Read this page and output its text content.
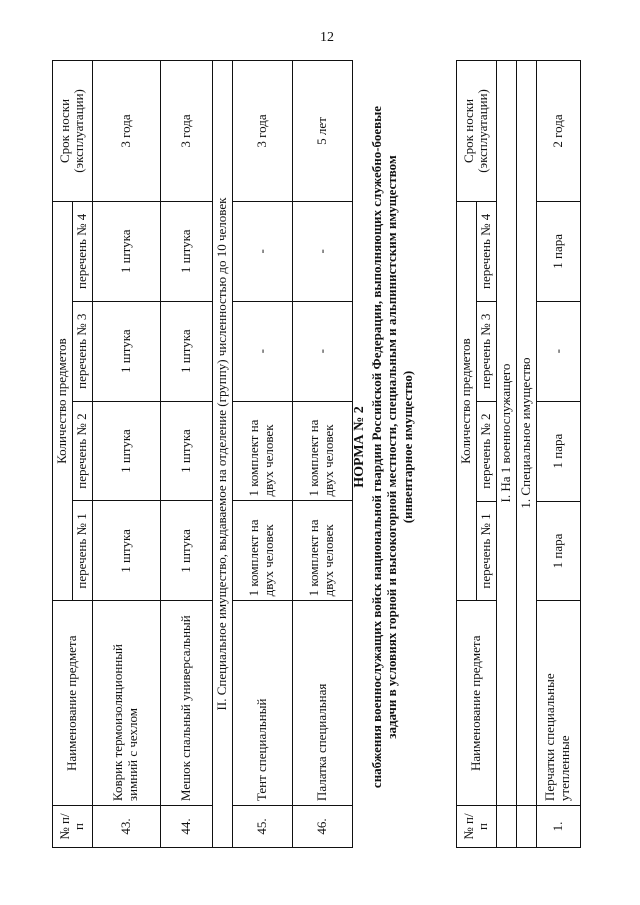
12
№ п/п	Наименование предмета	Количество предметов				Срок носки (эксплуатации)
		перечень № 1	перечень № 2	перечень № 3	перечень № 4	
43.	Коврик термоизоляционный зимний с чехлом	1 штука	1 штука	1 штука	1 штука	3 года
44.	Мешок спальный универсальный	1 штука	1 штука	1 штука	1 штука	3 года
II. Специальное имущество, выдаваемое на отделение (группу) численностью до 10 человек						
45.	Тент специальный	1 комплект на двух человек	1 комплект на двух человек	-	-	3 года
46.	Палатка специальная	1 комплект на двух человек	1 комплект на двух человек	-	-	5 лет
НОРМА № 2 снабжения военнослужащих войск национальной гвардии Российской Федерации, выполняющих служебно-боевые задачи в условиях горной и высокогорной местности, специальным и альпинистским имуществом (инвентарное имущество)
№ п/п	Наименование предмета	Количество предметов				Срок носки (эксплуатации)
		перечень № 1	перечень № 2	перечень № 3	перечень № 4	
	I. На 1 военнослужащего					
	1. Специальное имущество					
1.	Перчатки специальные утепленные	1 пара	1 пара	-	1 пара	2 года
